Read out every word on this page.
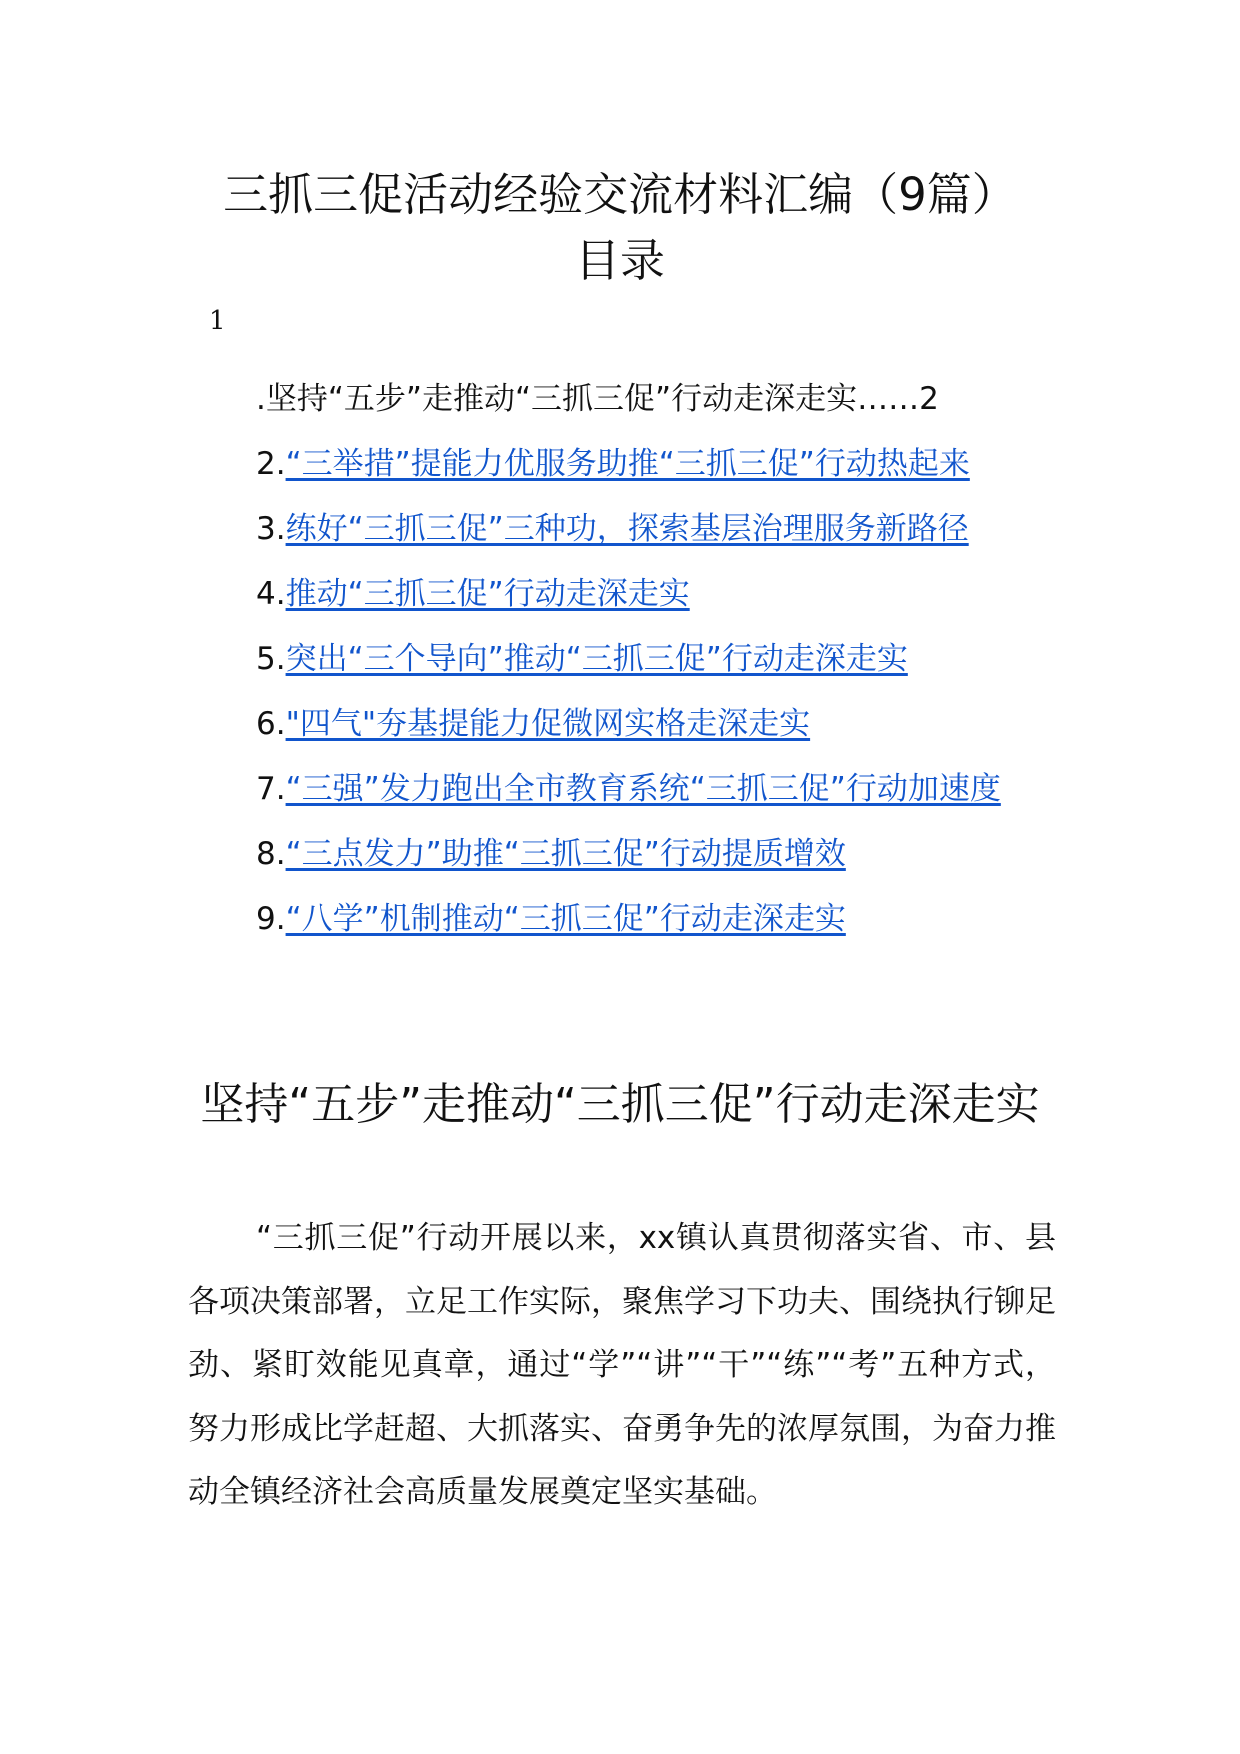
三抓三促活动经验交流材料汇编（9篇）
目录
1
.坚持“五步”走推动“三抓三促”行动走深走实……2
2.“三举措”提能力优服务助推“三抓三促”行动热起来
3.练好“三抓三促”三种功，探索基层治理服务新路径
4.推动“三抓三促”行动走深走实
5.突出“三个导向”推动“三抓三促”行动走深走实
6."四气"夯基提能力促微网实格走深走实
7.“三强”发力跑出全市教育系统“三抓三促”行动加速度
8.“三点发力”助推“三抓三促”行动提质增效
9.“八学”机制推动“三抓三促”行动走深走实
坚持“五步”走推动“三抓三促”行动走深走实

“三抓三促”行动开展以来，xx镇认真贯彻落实省、市、县各项决策部署，立足工作实际，聚焦学习下功夫、围绕执行铆足劲、紧盯效能见真章，通过“学”“讲”“干”“练”“考”五种方式，努力形成比学赶超、大抓落实、奋勇争先的浓厚氛围，为奋力推动全镇经济社会高质量发展奠定坚实基础。
